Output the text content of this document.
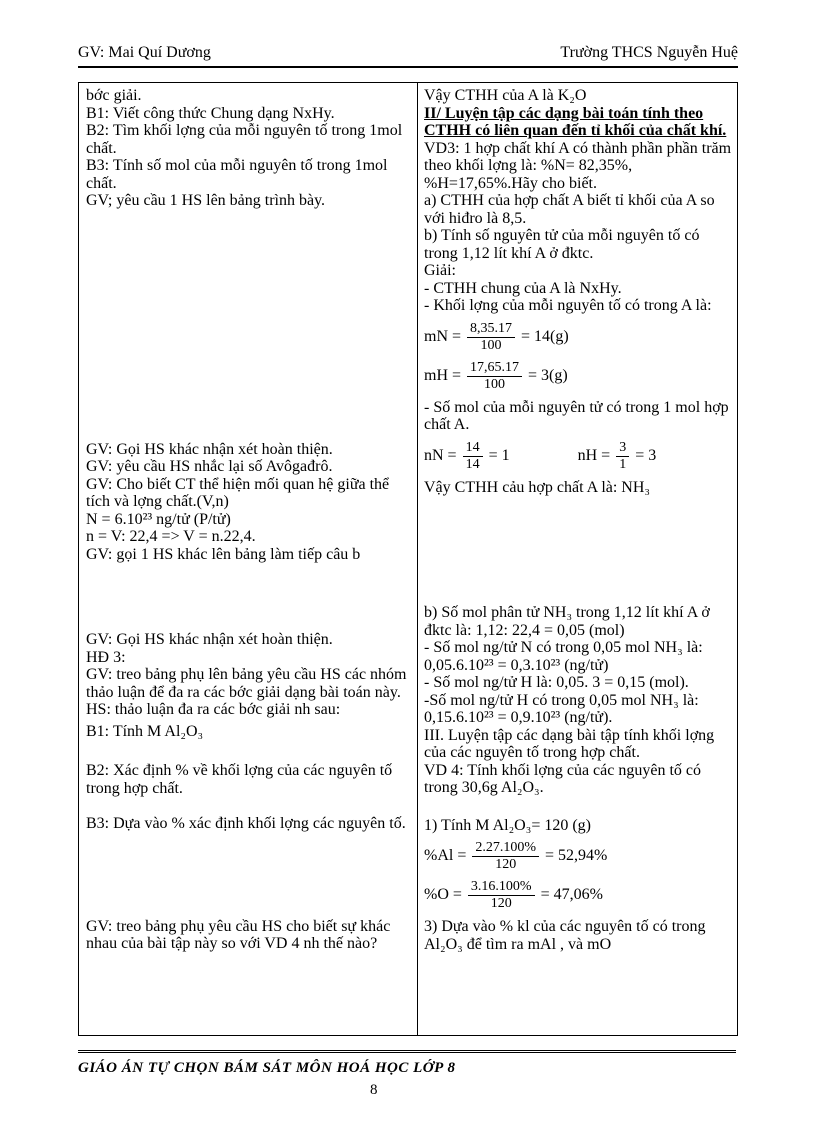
GV: Mai Quí Dương	Trường THCS Nguyễn Huệ

bớc giải.

B1: Viết công thức Chung dạng NxHy.

B2: Tìm khối lợng của mỗi nguyên tố trong 1mol chất.

B3: Tính số mol của mỗi nguyên tố trong 1mol chất.

GV; yêu cầu 1 HS lên bảng trình bày.

GV: Gọi HS khác nhận xét hoàn thiện.

GV: yêu cầu HS nhắc lại số Avôgađrô.

GV: Cho biết CT thể hiện mối quan hệ giữa thể tích và lợng chất.(V,n)

N = 6.10²³ ng/tử (P/tử)

n = V: 22,4 => V = n.22,4.

GV: gọi 1 HS khác lên bảng làm tiếp câu b

GV: Gọi HS khác nhận xét hoàn thiện.

HĐ 3:

GV: treo bảng phụ lên bảng yêu cầu HS các nhóm thảo luận để đa ra các bớc giải dạng bài toán này.

HS: thảo luận đa ra các bớc giải nh sau:

B1: Tính M Al₂O₃

B2: Xác định % về khối lợng của các nguyên tố trong hợp chất.

B3: Dựa vào % xác định khối lợng các nguyên tố.

GV: treo bảng phụ yêu cầu HS cho biết sự khác nhau của bài tập này so với VD 4 nh thế nào?

Vậy CTHH của A là K₂O

II/ Luyện tập các dạng bài toán tính theo CTHH có liên quan đến tỉ khối của chất khí.

VD3: 1 hợp chất khí A có thành phần phần trăm theo khối lợng là: %N= 82,35%, %H=17,65%.Hãy cho biết.

a) CTHH của hợp chất A biết tỉ khối của A so với hiđro là 8,5.

b) Tính số nguyên tử của mỗi nguyên tố có trong 1,12 lít khí A ở đktc.

Giải:

- CTHH chung của A là NxHy.

- Khối lợng của mỗi nguyên tố có trong A là:

mN = $\frac{8,35.17}{100} = 14(g)$
mH = $\frac{17,65.17}{100} = 3(g)$

- Số mol của mỗi nguyên tử có trong 1 mol hợp chất A.

nN = $\frac{14}{14} = 1$	nH = $\frac{3}{1} = 3$

Vậy CTHH cảu hợp chất A là: NH₃

b) Số mol phân tử NH₃ trong 1,12 lít khí A ở đktc là: 1,12: 22,4 = 0,05 (mol)

- Số mol ng/tử N có trong 0,05 mol NH₃ là: 0,05.6.10²³ = 0,3.10²³ (ng/tử)

- Số mol ng/tử H là: 0,05. 3 = 0,15 (mol).

-Số mol ng/tử H có trong 0,05 mol NH₃ là: 0,15.6.10²³ = 0,9.10²³ (ng/tử).

III. Luyện tập các dạng bài tập tính khối lợng của các nguyên tố trong hợp chất.

VD 4: Tính khối lợng của các nguyên tố có trong 30,6g Al₂O₃.

1) Tính M Al₂O₃= 120 (g)

$\%Al = \frac{2.27.100\%}{120} = 52,94\%$
$\%O = \frac{3.16.100\%}{120} = 47,06\%$

3) Dựa vào % kl của các nguyên tố có trong Al₂O₃ để tìm ra mAl , và mO

GIÁO ÁN TỰ CHỌN BÁM SÁT MÔN HOÁ HỌC LỚP 8
8
